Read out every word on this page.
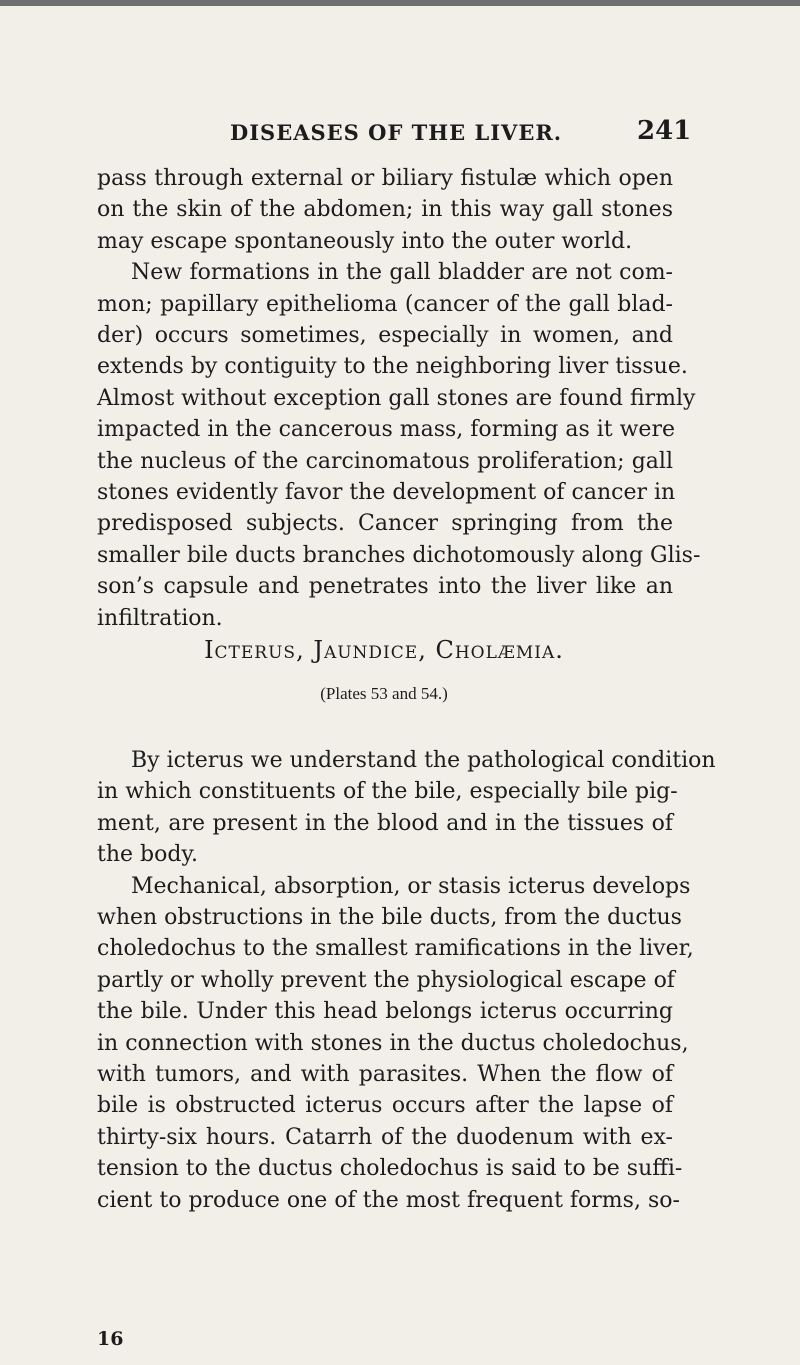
DISEASES OF THE LIVER.	241
pass through external or biliary fistulæ which open
on the skin of the abdomen; in this way gall stones
may escape spontaneously into the outer world.
New formations in the gall bladder are not com-
mon; papillary epithelioma (cancer of the gall blad-
der) occurs sometimes, especially in women, and
extends by contiguity to the neighboring liver tissue.
Almost without exception gall stones are found firmly
impacted in the cancerous mass, forming as it were
the nucleus of the carcinomatous proliferation; gall
stones evidently favor the development of cancer in
predisposed subjects. Cancer springing from the
smaller bile ducts branches dichotomously along Glis-
son’s capsule and penetrates into the liver like an
infiltration.
Icterus, Jaundice, Cholæmia.
(Plates 53 and 54.)
By icterus we understand the pathological condition
in which constituents of the bile, especially bile pig-
ment, are present in the blood and in the tissues of
the body.
Mechanical, absorption, or stasis icterus develops
when obstructions in the bile ducts, from the ductus
choledochus to the smallest ramifications in the liver,
partly or wholly prevent the physiological escape of
the bile. Under this head belongs icterus occurring
in connection with stones in the ductus choledochus,
with tumors, and with parasites. When the flow of
bile is obstructed icterus occurs after the lapse of
thirty-six hours. Catarrh of the duodenum with ex-
tension to the ductus choledochus is said to be suffi-
cient to produce one of the most frequent forms, so-
16
